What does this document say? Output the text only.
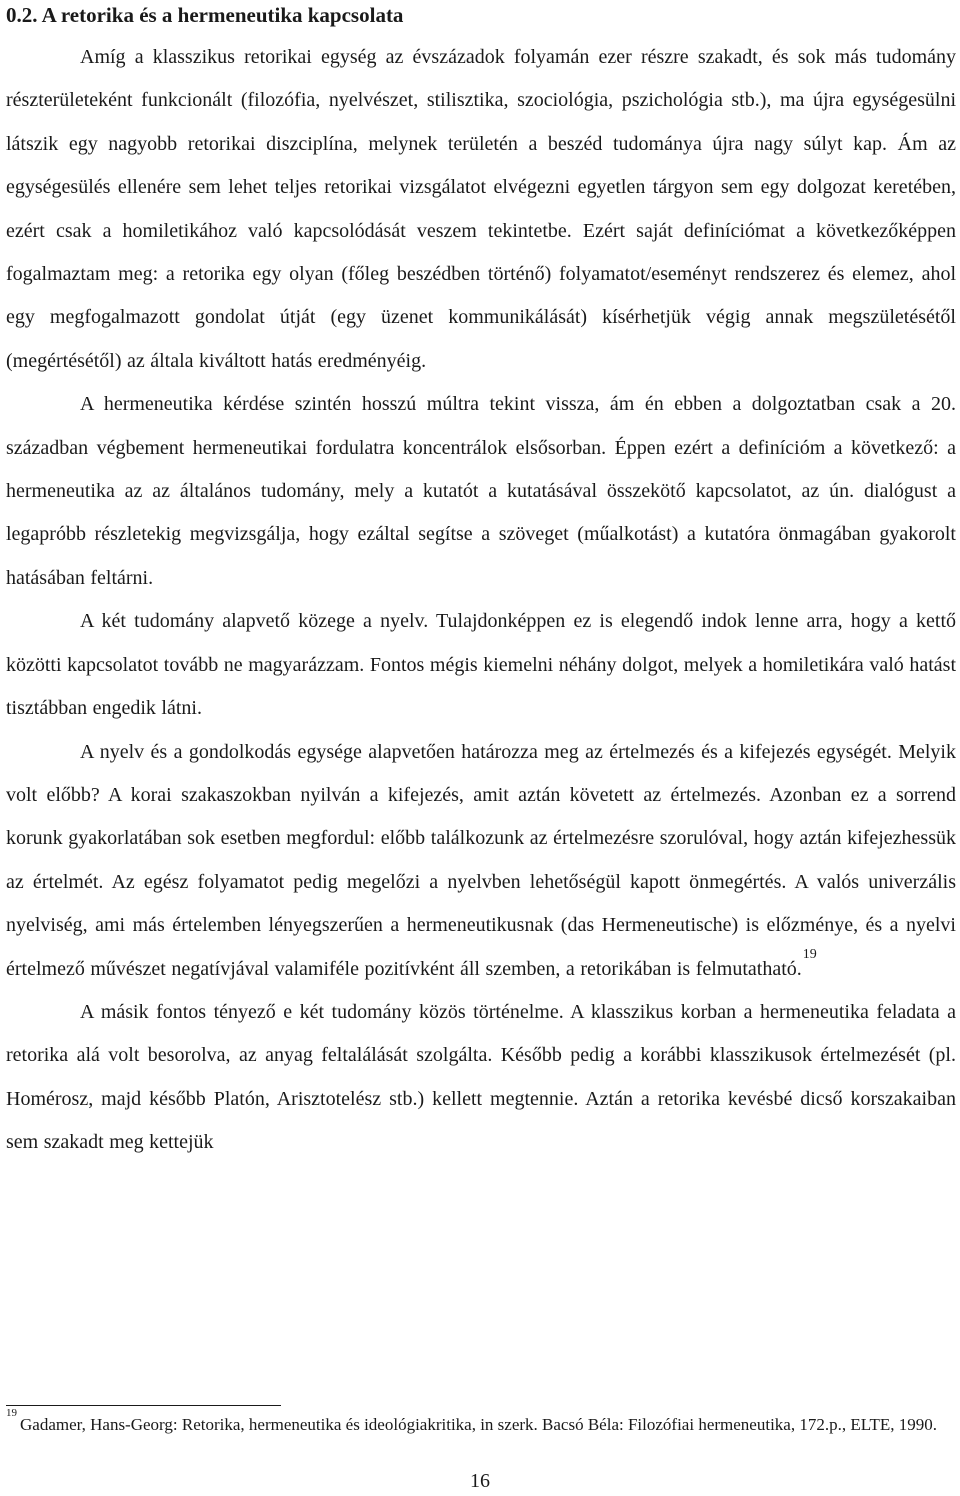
0.2. A retorika és a hermeneutika kapcsolata

Amíg a klasszikus retorikai egység az évszázadok folyamán ezer részre szakadt, és sok más tudomány részterületeként funkcionált (filozófia, nyelvészet, stilisztika, szociológia, pszichológia stb.), ma újra egységesülni látszik egy nagyobb retorikai diszciplína, melynek területén a beszéd tudománya újra nagy súlyt kap. Ám az egységesülés ellenére sem lehet teljes retorikai vizsgálatot elvégezni egyetlen tárgyon sem egy dolgozat keretében, ezért csak a homiletikához való kapcsolódását veszem tekintetbe. Ezért saját definíciómat a következőképpen fogalmaztam meg: a retorika egy olyan (főleg beszédben történő) folyamatot/eseményt rendszerez és elemez, ahol egy megfogalmazott gondolat útját (egy üzenet kommunikálását) kísérhetjük végig annak megszületésétől (megértésétől) az általa kiváltott hatás eredményéig.

A hermeneutika kérdése szintén hosszú múltra tekint vissza, ám én ebben a dolgoztatban csak a 20. században végbement hermeneutikai fordulatra koncentrálok elsősorban. Éppen ezért a definícióm a következő: a hermeneutika az az általános tudomány, mely a kutatót a kutatásával összekötő kapcsolatot, az ún. dialógust a legapróbb részletekig megvizsgálja, hogy ezáltal segítse a szöveget (műalkotást) a kutatóra önmagában gyakorolt hatásában feltárni.

A két tudomány alapvető közege a nyelv. Tulajdonképpen ez is elegendő indok lenne arra, hogy a kettő közötti kapcsolatot tovább ne magyarázzam. Fontos mégis kiemelni néhány dolgot, melyek a homiletikára való hatást tisztábban engedik látni.

A nyelv és a gondolkodás egysége alapvetően határozza meg az értelmezés és a kifejezés egységét. Melyik volt előbb? A korai szakaszokban nyilván a kifejezés, amit aztán követett az értelmezés. Azonban ez a sorrend korunk gyakorlatában sok esetben megfordul: előbb találkozunk az értelmezésre szorulóval, hogy aztán kifejezhessük az értelmét. Az egész folyamatot pedig megelőzi a nyelvben lehetőségül kapott önmegértés. A valós univerzális nyelviség, ami más értelemben lényegszerűen a hermeneutikusnak (das Hermeneutische) is előzménye, és a nyelvi értelmező művészet negatívjával valamiféle pozitívként áll szemben, a retorikában is felmutatható.$^{19}$

A másik fontos tényező e két tudomány közös történelme. A klasszikus korban a hermeneutika feladata a retorika alá volt besorolva, az anyag feltalálását szolgálta. Később pedig a korábbi klasszikusok értelmezését (pl. Homérosz, majd később Platón, Arisztotelész stb.) kellett megtennie. Aztán a retorika kevésbé dicső korszakaiban sem szakadt meg kettejük

$^{19}$Gadamer, Hans-Georg: Retorika, hermeneutika és ideológiakritika, in szerk. Bacsó Béla: Filozófiai hermeneutika, 172.p., ELTE, 1990.
16
